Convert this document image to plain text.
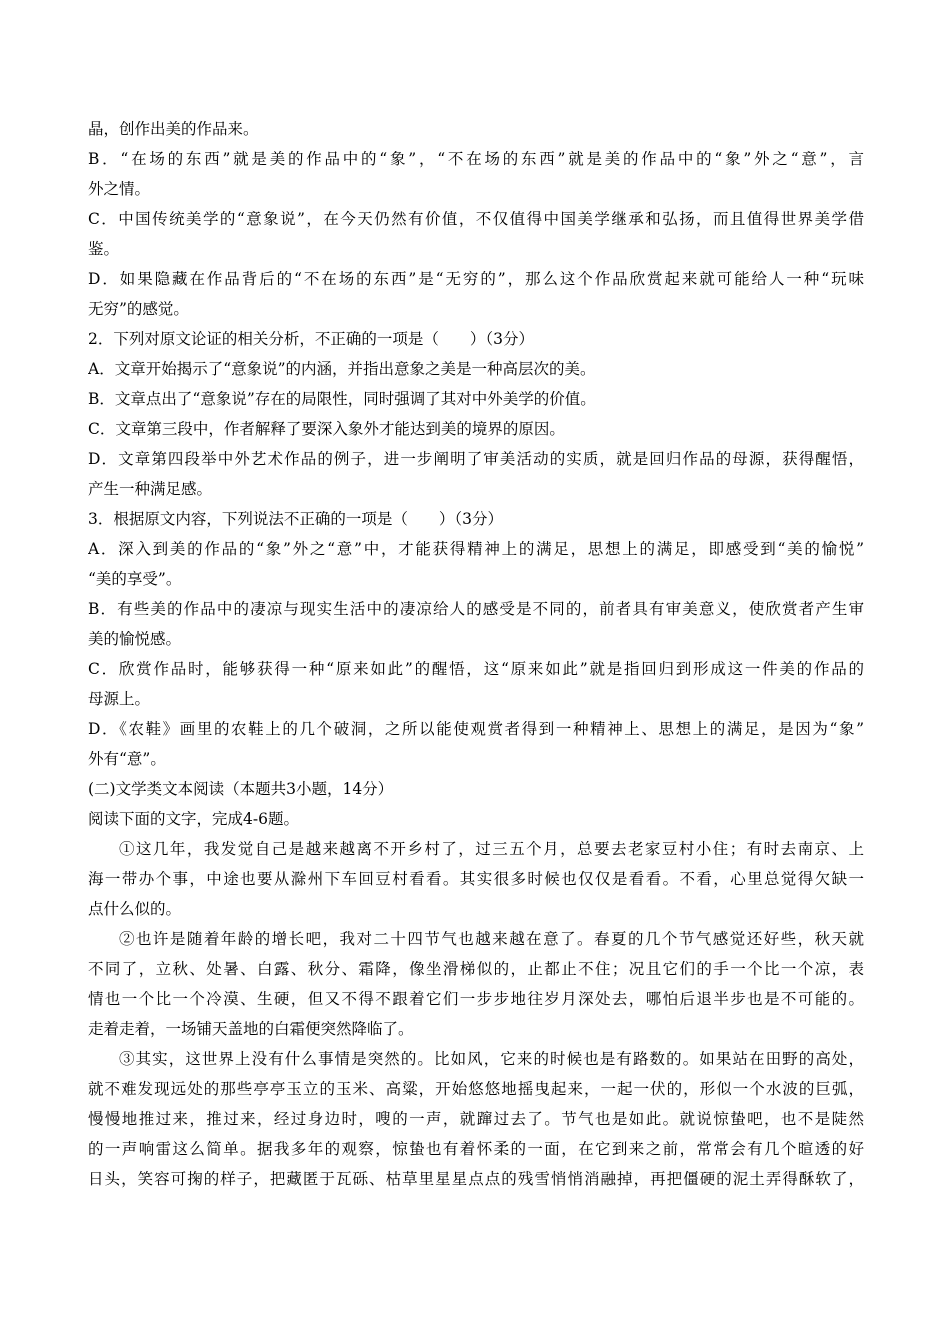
晶，创作出美的作品来。
B．“在场的东西”就是美的作品中的“象”，“不在场的东西”就是美的作品中的“象”外之“意”，言
外之情。
C．中国传统美学的“意象说”，在今天仍然有价值，不仅值得中国美学继承和弘扬，而且值得世界美学借
鉴。
D．如果隐藏在作品背后的“不在场的东西”是“无穷的”，那么这个作品欣赏起来就可能给人一种“玩味
无穷”的感觉。
2．下列对原文论证的相关分析，不正确的一项是（　　）（3分）
A．文章开始揭示了“意象说”的内涵，并指出意象之美是一种高层次的美。
B．文章点出了“意象说”存在的局限性，同时强调了其对中外美学的价值。
C．文章第三段中，作者解释了要深入象外才能达到美的境界的原因。
D．文章第四段举中外艺术作品的例子，进一步阐明了审美活动的实质，就是回归作品的母源，获得醒悟，
产生一种满足感。
3．根据原文内容，下列说法不正确的一项是（　　）（3分）
A．深入到美的作品的“象”外之“意”中，才能获得精神上的满足，思想上的满足，即感受到“美的愉悦”
“美的享受”。
B．有些美的作品中的凄凉与现实生活中的凄凉给人的感受是不同的，前者具有审美意义，使欣赏者产生审
美的愉悦感。
C．欣赏作品时，能够获得一种“原来如此”的醒悟，这“原来如此”就是指回归到形成这一件美的作品的
母源上。
D．《农鞋》画里的农鞋上的几个破洞，之所以能使观赏者得到一种精神上、思想上的满足，是因为“象”
外有“意”。
(二)文学类文本阅读（本题共3小题，14分）
阅读下面的文字，完成4-6题。
①这几年，我发觉自己是越来越离不开乡村了，过三五个月，总要去老家豆村小住；有时去南京、上
海一带办个事，中途也要从滁州下车回豆村看看。其实很多时候也仅仅是看看。不看，心里总觉得欠缺一
点什么似的。
②也许是随着年龄的增长吧，我对二十四节气也越来越在意了。春夏的几个节气感觉还好些，秋天就
不同了，立秋、处暑、白露、秋分、霜降，像坐滑梯似的，止都止不住；况且它们的手一个比一个凉，表
情也一个比一个冷漠、生硬，但又不得不跟着它们一步步地往岁月深处去，哪怕后退半步也是不可能的。
走着走着，一场铺天盖地的白霜便突然降临了。
③其实，这世界上没有什么事情是突然的。比如风，它来的时候也是有路数的。如果站在田野的高处，
就不难发现远处的那些亭亭玉立的玉米、高粱，开始悠悠地摇曳起来，一起一伏的，形似一个水波的巨弧，
慢慢地推过来，推过来，经过身边时，嗖的一声，就蹿过去了。节气也是如此。就说惊蛰吧，也不是陡然
的一声响雷这么简单。据我多年的观察，惊蛰也有着怀柔的一面，在它到来之前，常常会有几个暄透的好
日头，笑容可掬的样子，把藏匿于瓦砾、枯草里星星点点的残雪悄悄消融掉，再把僵硬的泥土弄得酥软了，
